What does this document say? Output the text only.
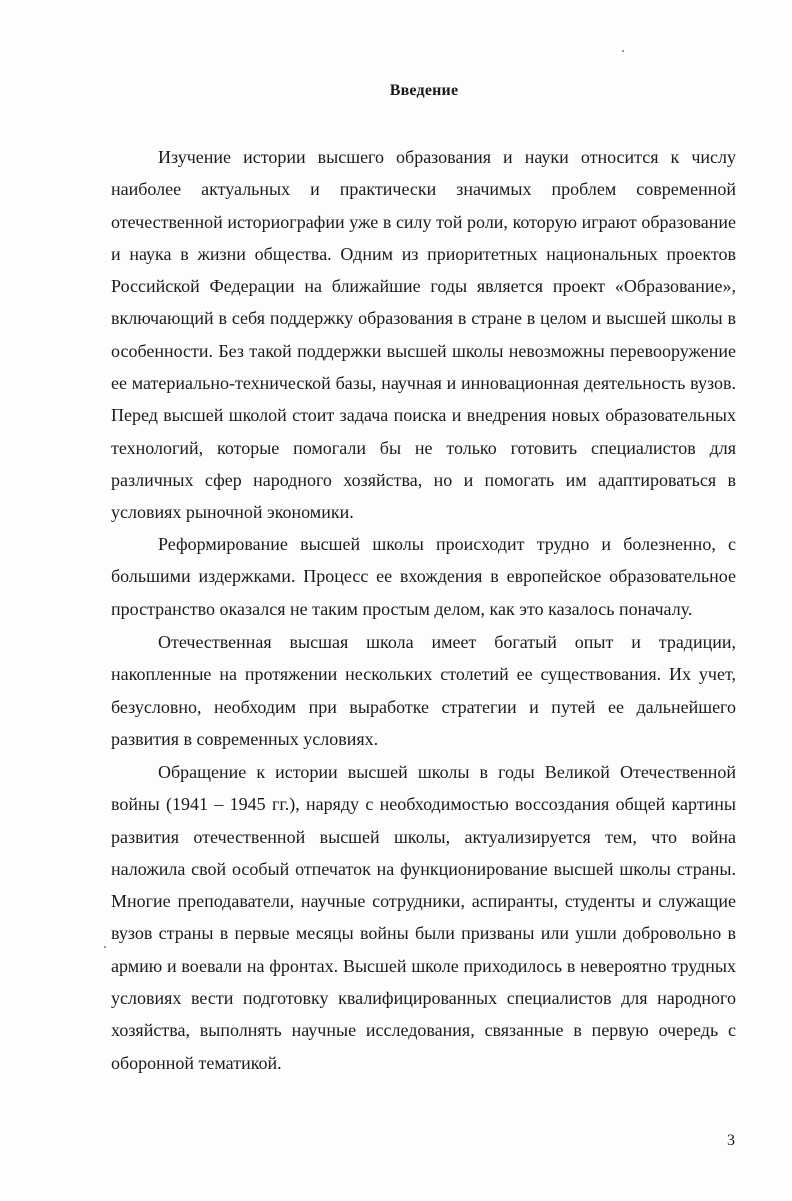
Введение

Изучение истории высшего образования и науки относится к числу наиболее актуальных и практически значимых проблем современной отечественной историографии уже в силу той роли, которую играют образование и наука в жизни общества. Одним из приоритетных национальных проектов Российской Федерации на ближайшие годы является проект «Образование», включающий в себя поддержку образования в стране в целом и высшей школы в особенности. Без такой поддержки высшей школы невозможны перевооружение ее материально-технической базы, научная и инновационная деятельность вузов. Перед высшей школой стоит задача поиска и внедрения новых образовательных технологий, которые помогали бы не только готовить специалистов для различных сфер народного хозяйства, но и помогать им адаптироваться в условиях рыночной экономики.

Реформирование высшей школы происходит трудно и болезненно, с большими издержками. Процесс ее вхождения в европейское образовательное пространство оказался не таким простым делом, как это казалось поначалу.

Отечественная высшая школа имеет богатый опыт и традиции, накопленные на протяжении нескольких столетий ее существования. Их учет, безусловно, необходим при выработке стратегии и путей ее дальнейшего развития в современных условиях.

Обращение к истории высшей школы в годы Великой Отечественной войны (1941 – 1945 гг.), наряду с необходимостью воссоздания общей картины развития отечественной высшей школы, актуализируется тем, что война наложила свой особый отпечаток на функционирование высшей школы страны. Многие преподаватели, научные сотрудники, аспиранты, студенты и служащие вузов страны в первые месяцы войны были призваны или ушли добровольно в армию и воевали на фронтах. Высшей школе приходилось в невероятно трудных условиях вести подготовку квалифицированных специалистов для народного хозяйства, выполнять научные исследования, связанные в первую очередь с оборонной тематикой.

3
